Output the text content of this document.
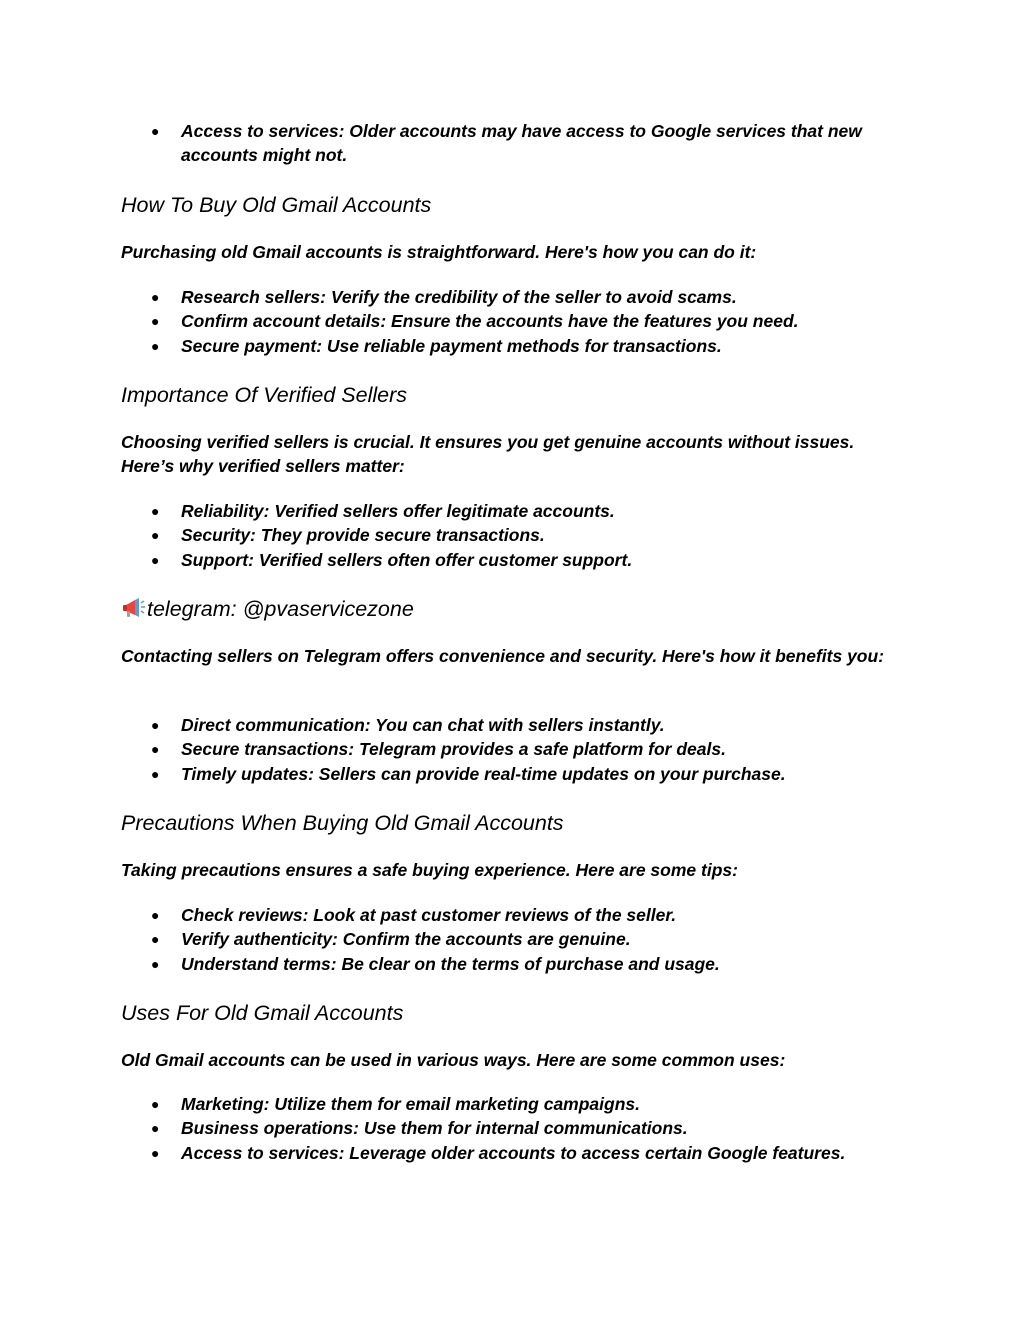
● Access to services: Older accounts may have access to Google services that new accounts might not.
How To Buy Old Gmail Accounts

Purchasing old Gmail accounts is straightforward. Here's how you can do it:

● Research sellers: Verify the credibility of the seller to avoid scams.
● Confirm account details: Ensure the accounts have the features you need.
● Secure payment: Use reliable payment methods for transactions.
Importance Of Verified Sellers

Choosing verified sellers is crucial. It ensures you get genuine accounts without issues. Here’s why verified sellers matter:

● Reliability: Verified sellers offer legitimate accounts.
● Security: They provide secure transactions.
● Support: Verified sellers often offer customer support.
telegram: @pvaservicezone

Contacting sellers on Telegram offers convenience and security. Here's how it benefits you:

● Direct communication: You can chat with sellers instantly.
● Secure transactions: Telegram provides a safe platform for deals.
● Timely updates: Sellers can provide real-time updates on your purchase.
Precautions When Buying Old Gmail Accounts

Taking precautions ensures a safe buying experience. Here are some tips:

● Check reviews: Look at past customer reviews of the seller.
● Verify authenticity: Confirm the accounts are genuine.
● Understand terms: Be clear on the terms of purchase and usage.
Uses For Old Gmail Accounts

Old Gmail accounts can be used in various ways. Here are some common uses:

● Marketing: Utilize them for email marketing campaigns.
● Business operations: Use them for internal communications.
● Access to services: Leverage older accounts to access certain Google features.
